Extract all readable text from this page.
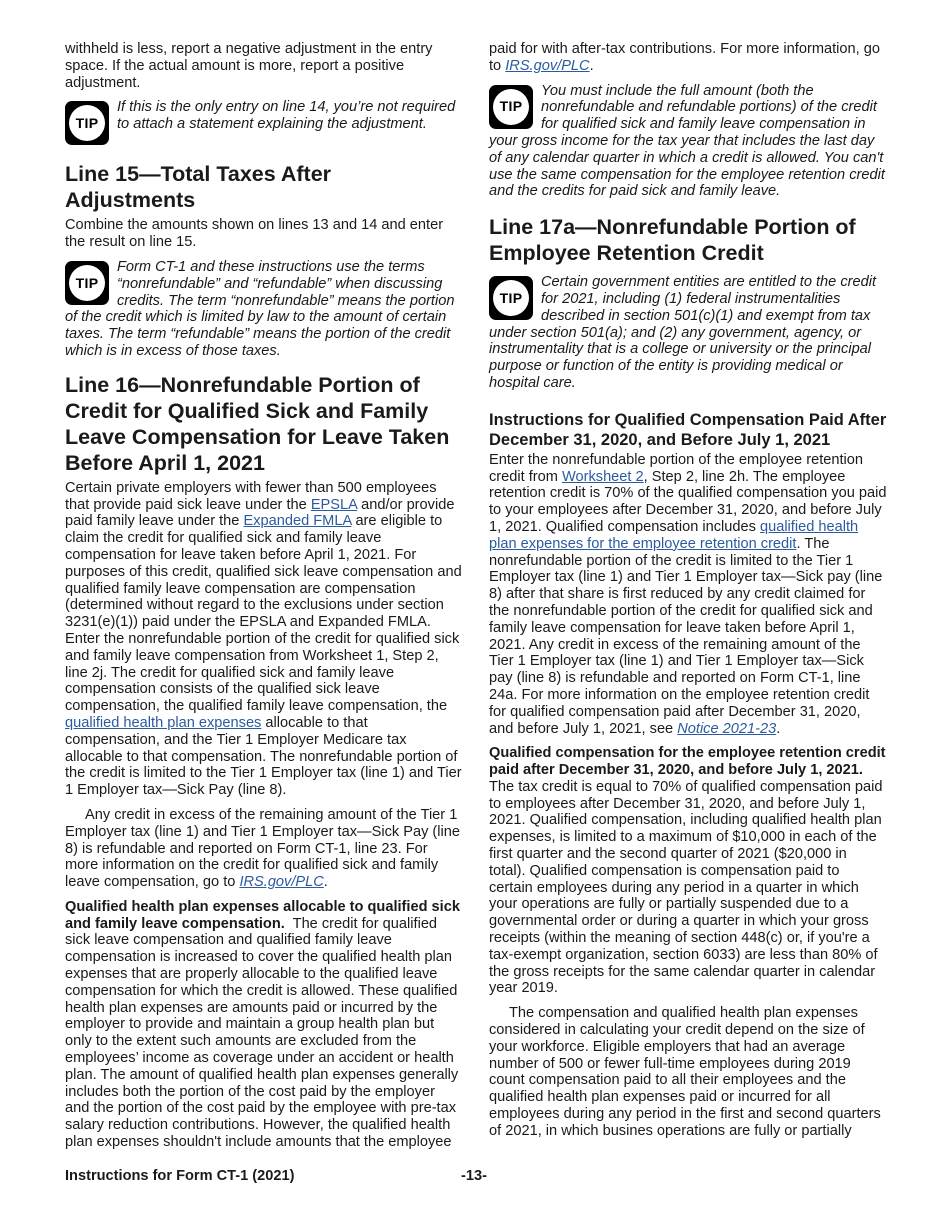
withheld is less, report a negative adjustment in the entry space. If the actual amount is more, report a positive adjustment.

TIP
If this is the only entry on line 14, you’re not required to attach a statement explaining the adjustment.
Line 15—Total Taxes After Adjustments

Combine the amounts shown on lines 13 and 14 and enter the result on line 15.

TIP
Form CT-1 and these instructions use the terms “nonrefundable” and “refundable” when discussing credits. The term “nonrefundable” means the portion of the credit which is limited by law to the amount of certain taxes. The term “refundable” means the portion of the credit which is in excess of those taxes.
Line 16—Nonrefundable Portion of Credit for Qualified Sick and Family Leave Compensation for Leave Taken Before April 1, 2021

Certain private employers with fewer than 500 employees that provide paid sick leave under the EPSLA and/or provide paid family leave under the Expanded FMLA are eligible to claim the credit for qualified sick and family leave compensation for leave taken before April 1, 2021. For purposes of this credit, qualified sick leave compensation and qualified family leave compensation are compensation (determined without regard to the exclusions under section 3231(e)(1)) paid under the EPSLA and Expanded FMLA. Enter the nonrefundable portion of the credit for qualified sick and family leave compensation from Worksheet 1, Step 2, line 2j. The credit for qualified sick and family leave compensation consists of the qualified sick leave compensation, the qualified family leave compensation, the qualified health plan expenses allocable to that compensation, and the Tier 1 Employer Medicare tax allocable to that compensation. The nonrefundable portion of the credit is limited to the Tier 1 Employer tax (line 1) and Tier 1 Employer tax—Sick Pay (line 8).

Any credit in excess of the remaining amount of the Tier 1 Employer tax (line 1) and Tier 1 Employer tax—Sick Pay (line 8) is refundable and reported on Form CT-1, line 23. For more information on the credit for qualified sick and family leave compensation, go to IRS.gov/PLC.

Qualified health plan expenses allocable to qualified sick and family leave compensation. The credit for qualified sick leave compensation and qualified family leave compensation is increased to cover the qualified health plan expenses that are properly allocable to the qualified leave compensation for which the credit is allowed. These qualified health plan expenses are amounts paid or incurred by the employer to provide and maintain a group health plan but only to the extent such amounts are excluded from the employees’ income as coverage under an accident or health plan. The amount of qualified health plan expenses generally includes both the portion of the cost paid by the employer and the portion of the cost paid by the employee with pre-tax salary reduction contributions. However, the qualified health plan expenses shouldn't include amounts that the employee

paid for with after-tax contributions. For more information, go to IRS.gov/PLC.

TIP
You must include the full amount (both the nonrefundable and refundable portions) of the credit for qualified sick and family leave compensation in your gross income for the tax year that includes the last day of any calendar quarter in which a credit is allowed. You can't use the same compensation for the employee retention credit and the credits for paid sick and family leave.
Line 17a—Nonrefundable Portion of Employee Retention Credit
TIP
Certain government entities are entitled to the credit for 2021, including (1) federal instrumentalities described in section 501(c)(1) and exempt from tax under section 501(a); and (2) any government, agency, or instrumentality that is a college or university or the principal purpose or function of the entity is providing medical or hospital care.
Instructions for Qualified Compensation Paid After December 31, 2020, and Before July 1, 2021

Enter the nonrefundable portion of the employee retention credit from Worksheet 2, Step 2, line 2h. The employee retention credit is 70% of the qualified compensation you paid to your employees after December 31, 2020, and before July 1, 2021. Qualified compensation includes qualified health plan expenses for the employee retention credit. The nonrefundable portion of the credit is limited to the Tier 1 Employer tax (line 1) and Tier 1 Employer tax—Sick pay (line 8) after that share is first reduced by any credit claimed for the nonrefundable portion of the credit for qualified sick and family leave compensation for leave taken before April 1, 2021. Any credit in excess of the remaining amount of the Tier 1 Employer tax (line 1) and Tier 1 Employer tax—Sick pay (line 8) is refundable and reported on Form CT-1, line 24a. For more information on the employee retention credit for qualified compensation paid after December 31, 2020, and before July 1, 2021, see Notice 2021-23.

Qualified compensation for the employee retention credit paid after December 31, 2020, and before July 1, 2021.  The tax credit is equal to 70% of qualified compensation paid to employees after December 31, 2020, and before July 1, 2021. Qualified compensation, including qualified health plan expenses, is limited to a maximum of $10,000 in each of the first quarter and the second quarter of 2021 ($20,000 in total). Qualified compensation is compensation paid to certain employees during any period in a quarter in which your operations are fully or partially suspended due to a governmental order or during a quarter in which your gross receipts (within the meaning of section 448(c) or, if you're a tax-exempt organization, section 6033) are less than 80% of the gross receipts for the same calendar quarter in calendar year 2019.

The compensation and qualified health plan expenses considered in calculating your credit depend on the size of your workforce. Eligible employers that had an average number of 500 or fewer full-time employees during 2019 count compensation paid to all their employees and the qualified health plan expenses paid or incurred for all employees during any period in the first and second quarters of 2021, in which busines operations are fully or partially

Instructions for Form CT-1 (2021)	-13-
